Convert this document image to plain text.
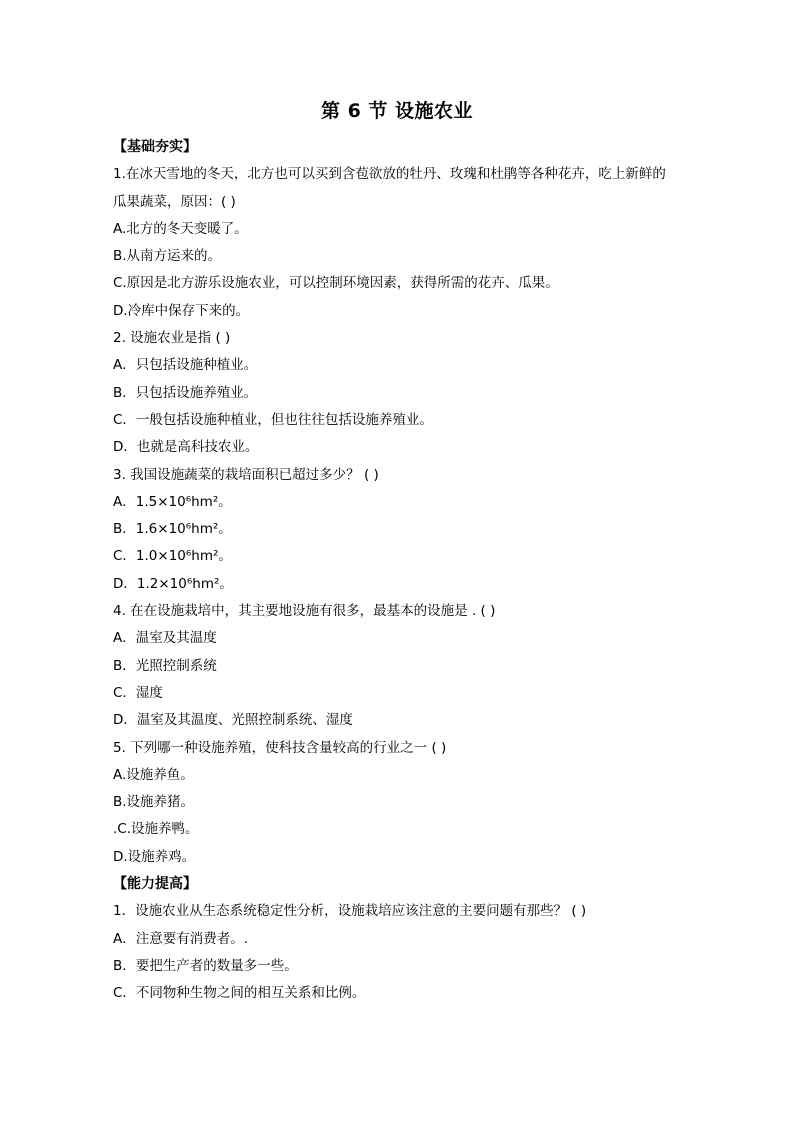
第 6 节 设施农业
【基础夯实】
1.在冰天雪地的冬天，北方也可以买到含苞欲放的牡丹、玫瑰和杜鹃等各种花卉，吃上新鲜的
瓜果蔬菜，原因：( )
A.北方的冬天变暖了。
B.从南方运来的。
C.原因是北方游乐设施农业，可以控制环境因素，获得所需的花卉、瓜果。
D.冷库中保存下来的。
2. 设施农业是指 ( )
A．只包括设施种植业。
B．只包括设施养殖业。
C．一般包括设施种植业，但也往往包括设施养殖业。
D．也就是高科技农业。
3. 我国设施蔬菜的栽培面积已超过多少？ ( )
A．1.5×10⁶hm²。
B．1.6×10⁶hm²。
C．1.0×10⁶hm²。
D．1.2×10⁶hm²。
4. 在在设施栽培中，其主要地设施有很多，最基本的设施是 . ( )
A．温室及其温度
B．光照控制系统
C．湿度
D．温室及其温度、光照控制系统、湿度
5. 下列哪一种设施养殖，使科技含量较高的行业之一 ( )
A.设施养鱼。
B.设施养猪。
.C.设施养鸭。
D.设施养鸡。
【能力提高】
1．设施农业从生态系统稳定性分析，设施栽培应该注意的主要问题有那些？ ( )
A．注意要有消费者。.
B．要把生产者的数量多一些。
C．不同物种生物之间的相互关系和比例。
